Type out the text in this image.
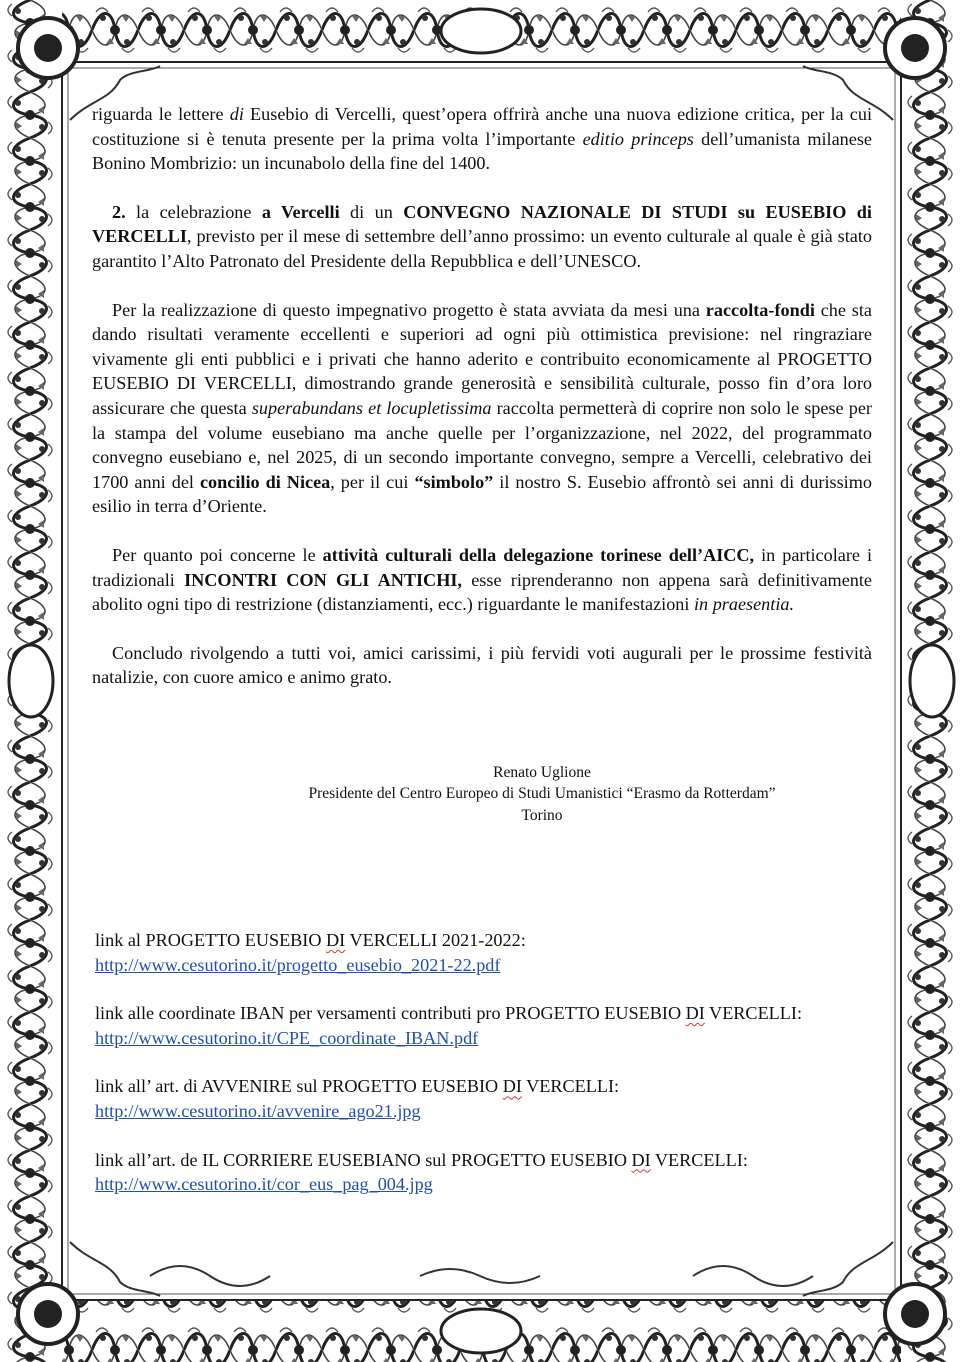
riguarda le lettere di Eusebio di Vercelli, quest’opera offrirà anche una nuova edizione critica, per la cui costituzione si è tenuta presente per la prima volta l’importante editio princeps dell’umanista milanese Bonino Mombrizio: un incunabolo della fine del 1400.

2. la celebrazione a Vercelli di un CONVEGNO NAZIONALE DI STUDI su EUSEBIO di VERCELLI, previsto per il mese di settembre dell’anno prossimo: un evento culturale al quale è già stato garantito l’Alto Patronato del Presidente della Repubblica e dell’UNESCO.

Per la realizzazione di questo impegnativo progetto è stata avviata da mesi una raccolta-fondi che sta dando risultati veramente eccellenti e superiori ad ogni più ottimistica previsione: nel ringraziare vivamente gli enti pubblici e i privati che hanno aderito e contribuito economicamente al PROGETTO EUSEBIO DI VERCELLI, dimostrando grande generosità e sensibilità culturale, posso fin d’ora loro assicurare che questa superabundans et locupletissima raccolta permetterà di coprire non solo le spese per la stampa del volume eusebiano ma anche quelle per l’organizzazione, nel 2022, del programmato convegno eusebiano e, nel 2025, di un secondo importante convegno, sempre a Vercelli, celebrativo dei 1700 anni del concilio di Nicea, per il cui “simbolo” il nostro S. Eusebio affrontò sei anni di durissimo esilio in terra d’Oriente.

Per quanto poi concerne le attività culturali della delegazione torinese dell’AICC, in particolare i tradizionali INCONTRI CON GLI ANTICHI, esse riprenderanno non appena sarà definitivamente abolito ogni tipo di restrizione (distanziamenti, ecc.) riguardante le manifestazioni in praesentia.

Concludo rivolgendo a tutti voi, amici carissimi, i più fervidi voti augurali per le prossime festività natalizie, con cuore amico e animo grato.

Renato Uglione
Presidente del Centro Europeo di Studi Umanistici “Erasmo da Rotterdam”
Torino

link al PROGETTO EUSEBIO DI VERCELLI 2021-2022:

http://www.cesutorino.it/progetto_eusebio_2021-22.pdf

link alle coordinate IBAN per versamenti contributi pro PROGETTO EUSEBIO DI VERCELLI:

http://www.cesutorino.it/CPE_coordinate_IBAN.pdf

link all’ art. di AVVENIRE sul PROGETTO EUSEBIO DI VERCELLI:

http://www.cesutorino.it/avvenire_ago21.jpg

link all’art. de IL CORRIERE EUSEBIANO sul PROGETTO EUSEBIO DI VERCELLI:

http://www.cesutorino.it/cor_eus_pag_004.jpg
